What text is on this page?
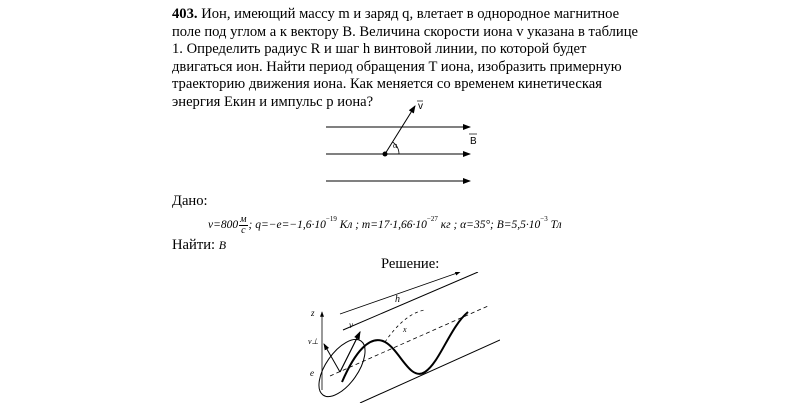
403. Ион, имеющий массу m и заряд q, влетает в однородное магнитное поле под углом a к вектору B. Величина скорости иона v указана в таблице 1. Определить радиус R и шаг h винтовой линии, по которой будет двигаться ион. Найти период обращения T иона, изобразить примерную траекторию движения иона. Как меняется со временем кинетическая энергия Eкин и импульс p иона?

α
v
B
Дано:
$v=800 \frac{м}{с}$ ; $q=-e=-1,6\cdot 10^{-19}$ Кл ; $m=17\cdot 1,66\cdot 10^{-27}$ кг ; α=35°; $B=5,5\cdot 10^{-3}$ Тл
Найти: B
Решение:
h
z
v
v⊥
e
x
